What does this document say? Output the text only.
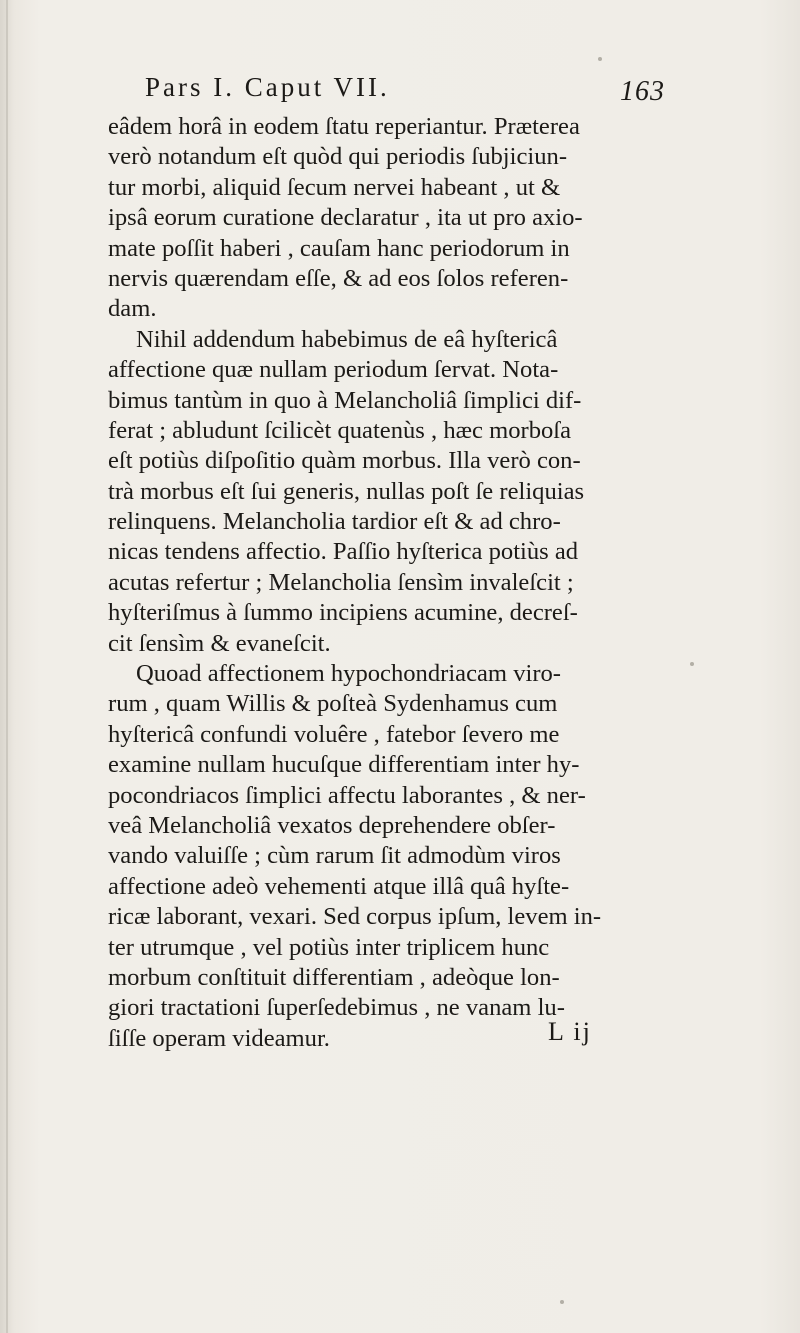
Pars I. Caput VII.	163
eâdem horâ in eodem ſtatu reperiantur. Præterea
verò notandum eſt quòd qui periodis ſubjiciun-
tur morbi, aliquid ſecum nervei habeant , ut &
ipsâ eorum curatione declaratur , ita ut pro axio-
mate poſſit haberi , cauſam hanc periodorum in
nervis quærendam eſſe, & ad eos ſolos referen-
dam.
Nihil addendum habebimus de eâ hyſtericâ
affectione quæ nullam periodum ſervat. Nota-
bimus tantùm in quo à Melancholiâ ſimplici dif-
ferat ; abludunt ſcilicèt quatenùs , hæc morboſa
eſt potiùs diſpoſitio quàm morbus. Illa verò con-
trà morbus eſt ſui generis, nullas poſt ſe reliquias
relinquens. Melancholia tardior eſt & ad chro-
nicas tendens affectio. Paſſio hyſterica potiùs ad
acutas refertur ; Melancholia ſensìm invaleſcit ;
hyſteriſmus à ſummo incipiens acumine, decreſ-
cit ſensìm & evaneſcit.
Quoad affectionem hypochondriacam viro-
rum , quam Willis & poſteà Sydenhamus cum
hyſtericâ confundi voluêre , fatebor ſevero me
examine nullam hucuſque differentiam inter hy-
pocondriacos ſimplici affectu laborantes , & ner-
veâ Melancholiâ vexatos deprehendere obſer-
vando valuiſſe ; cùm rarum ſit admodùm viros
affectione adeò vehementi atque illâ quâ hyſte-
ricæ laborant, vexari. Sed corpus ipſum, levem in-
ter utrumque , vel potiùs inter triplicem hunc
morbum conſtituit differentiam , adeòque lon-
giori tractationi ſuperſedebimus , ne vanam lu-
ſiſſe operam videamur.	L ij
